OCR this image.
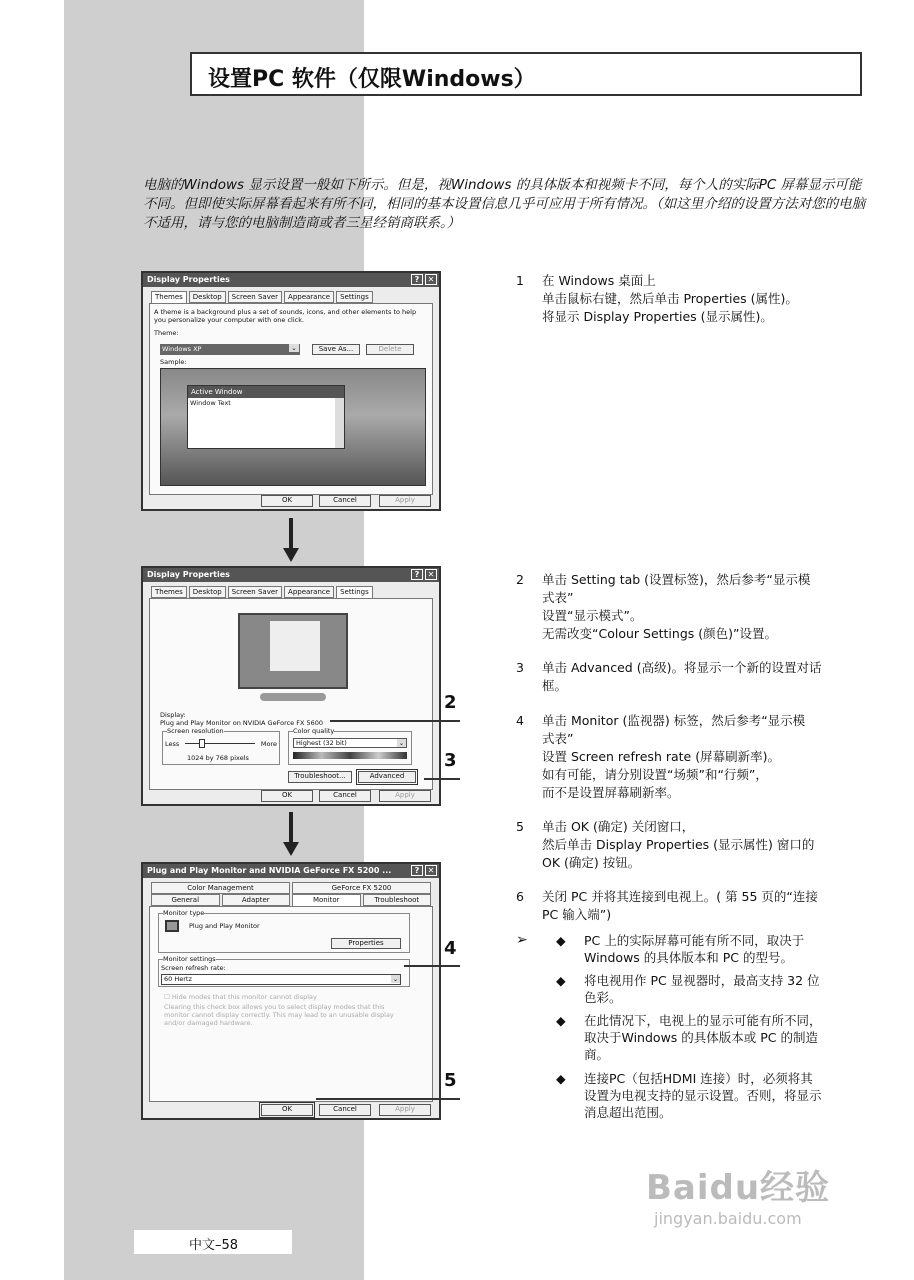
设置PC 软件（仅限Windows）
电脑的Windows 显示设置一般如下所示。但是，视Windows 的具体版本和视频卡不同，每个人的实际PC 屏幕显示可能不同。但即使实际屏幕看起来有所不同，相同的基本设置信息几乎可应用于所有情况。（如这里介绍的设置方法对您的电脑不适用，请与您的电脑制造商或者三星经销商联系。）
Display Properties	?	✕
Themes	Desktop	Screen Saver	Appearance	Settings
A theme is a background plus a set of sounds, icons, and other elements to help you personalize your computer with one click.
Theme:
Windows XP	⌄	Save As...	Delete
Sample:
Active Window
Window Text
OK	Cancel	Apply
Display Properties	?	✕
Themes	Desktop	Screen Saver	Appearance	Settings
Display:
Plug and Play Monitor on NVIDIA GeForce FX 5600
Screen resolution
Less	More
1024 by 768 pixels
Color quality
Highest (32 bit)	⌄
Troubleshoot...	Advanced
OK	Cancel	Apply
Plug and Play Monitor and NVIDIA GeForce FX 5200 ...	?	✕
Color Management	GeForce FX 5200
General	Adapter	Monitor	Troubleshoot
Monitor type
Plug and Play Monitor
Properties
Monitor settings
Screen refresh rate:
60 Hertz	⌄
☐ Hide modes that this monitor cannot display
Clearing this check box allows you to select display modes that this monitor cannot display correctly. This may lead to an unusable display and/or damaged hardware.
OK	Cancel	Apply
2
3
4
5
1 在 Windows 桌面上
单击鼠标右键，然后单击 Properties (属性)。
将显示 Display Properties (显示属性)。
2 单击 Setting tab (设置标签)，然后参考“显示模
式表”
设置“显示模式”。
无需改变“Colour Settings (颜色)”设置。
3 单击 Advanced (高级)。将显示一个新的设置对话
框。
4 单击 Monitor (监视器) 标签，然后参考“显示模
式表”
设置 Screen refresh rate (屏幕刷新率)。
如有可能，请分别设置“场频”和“行频”，
而不是设置屏幕刷新率。
5 单击 OK (确定) 关闭窗口，
然后单击 Display Properties (显示属性) 窗口的
OK (确定) 按钮。
6 关闭 PC 并将其连接到电视上。( 第 55 页的“连接
PC 输入端”)
➢ ◆ PC 上的实际屏幕可能有所不同，取决于
Windows 的具体版本和 PC 的型号。
◆ 将电视用作 PC 显视器时，最高支持 32 位
色彩。
◆ 在此情况下，电视上的显示可能有所不同，
取决于Windows 的具体版本或 PC 的制造
商。
◆ 连接PC（包括HDMI 连接）时，必须将其
设置为电视支持的显示设置。否则，将显示
消息超出范围。
中文–58
Baidu经验
jingyan.baidu.com
